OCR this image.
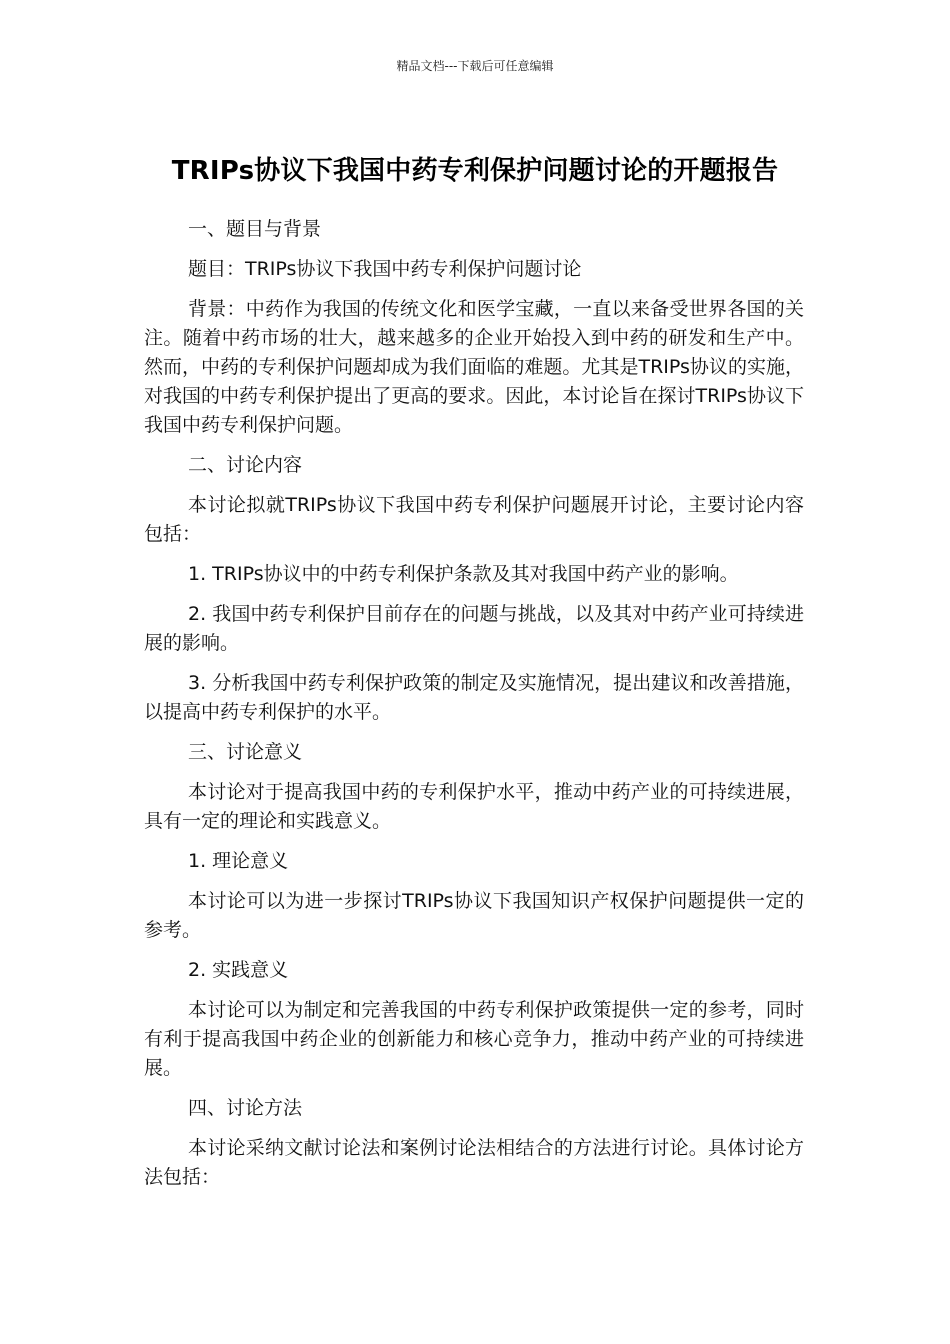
精品文档---下载后可任意编辑
TRIPs协议下我国中药专利保护问题讨论的开题报告

一、题目与背景

题目：TRIPs协议下我国中药专利保护问题讨论

背景：中药作为我国的传统文化和医学宝藏，一直以来备受世界各国的关注。随着中药市场的壮大，越来越多的企业开始投入到中药的研发和生产中。然而，中药的专利保护问题却成为我们面临的难题。尤其是TRIPs协议的实施，对我国的中药专利保护提出了更高的要求。因此，本讨论旨在探讨TRIPs协议下我国中药专利保护问题。

二、讨论内容

本讨论拟就TRIPs协议下我国中药专利保护问题展开讨论，主要讨论内容包括：

1. TRIPs协议中的中药专利保护条款及其对我国中药产业的影响。

2. 我国中药专利保护目前存在的问题与挑战，以及其对中药产业可持续进展的影响。

3. 分析我国中药专利保护政策的制定及实施情况，提出建议和改善措施，以提高中药专利保护的水平。

三、讨论意义

本讨论对于提高我国中药的专利保护水平，推动中药产业的可持续进展，具有一定的理论和实践意义。

1. 理论意义

本讨论可以为进一步探讨TRIPs协议下我国知识产权保护问题提供一定的参考。

2. 实践意义

本讨论可以为制定和完善我国的中药专利保护政策提供一定的参考，同时有利于提高我国中药企业的创新能力和核心竞争力，推动中药产业的可持续进展。

四、讨论方法

本讨论采纳文献讨论法和案例讨论法相结合的方法进行讨论。具体讨论方法包括：
